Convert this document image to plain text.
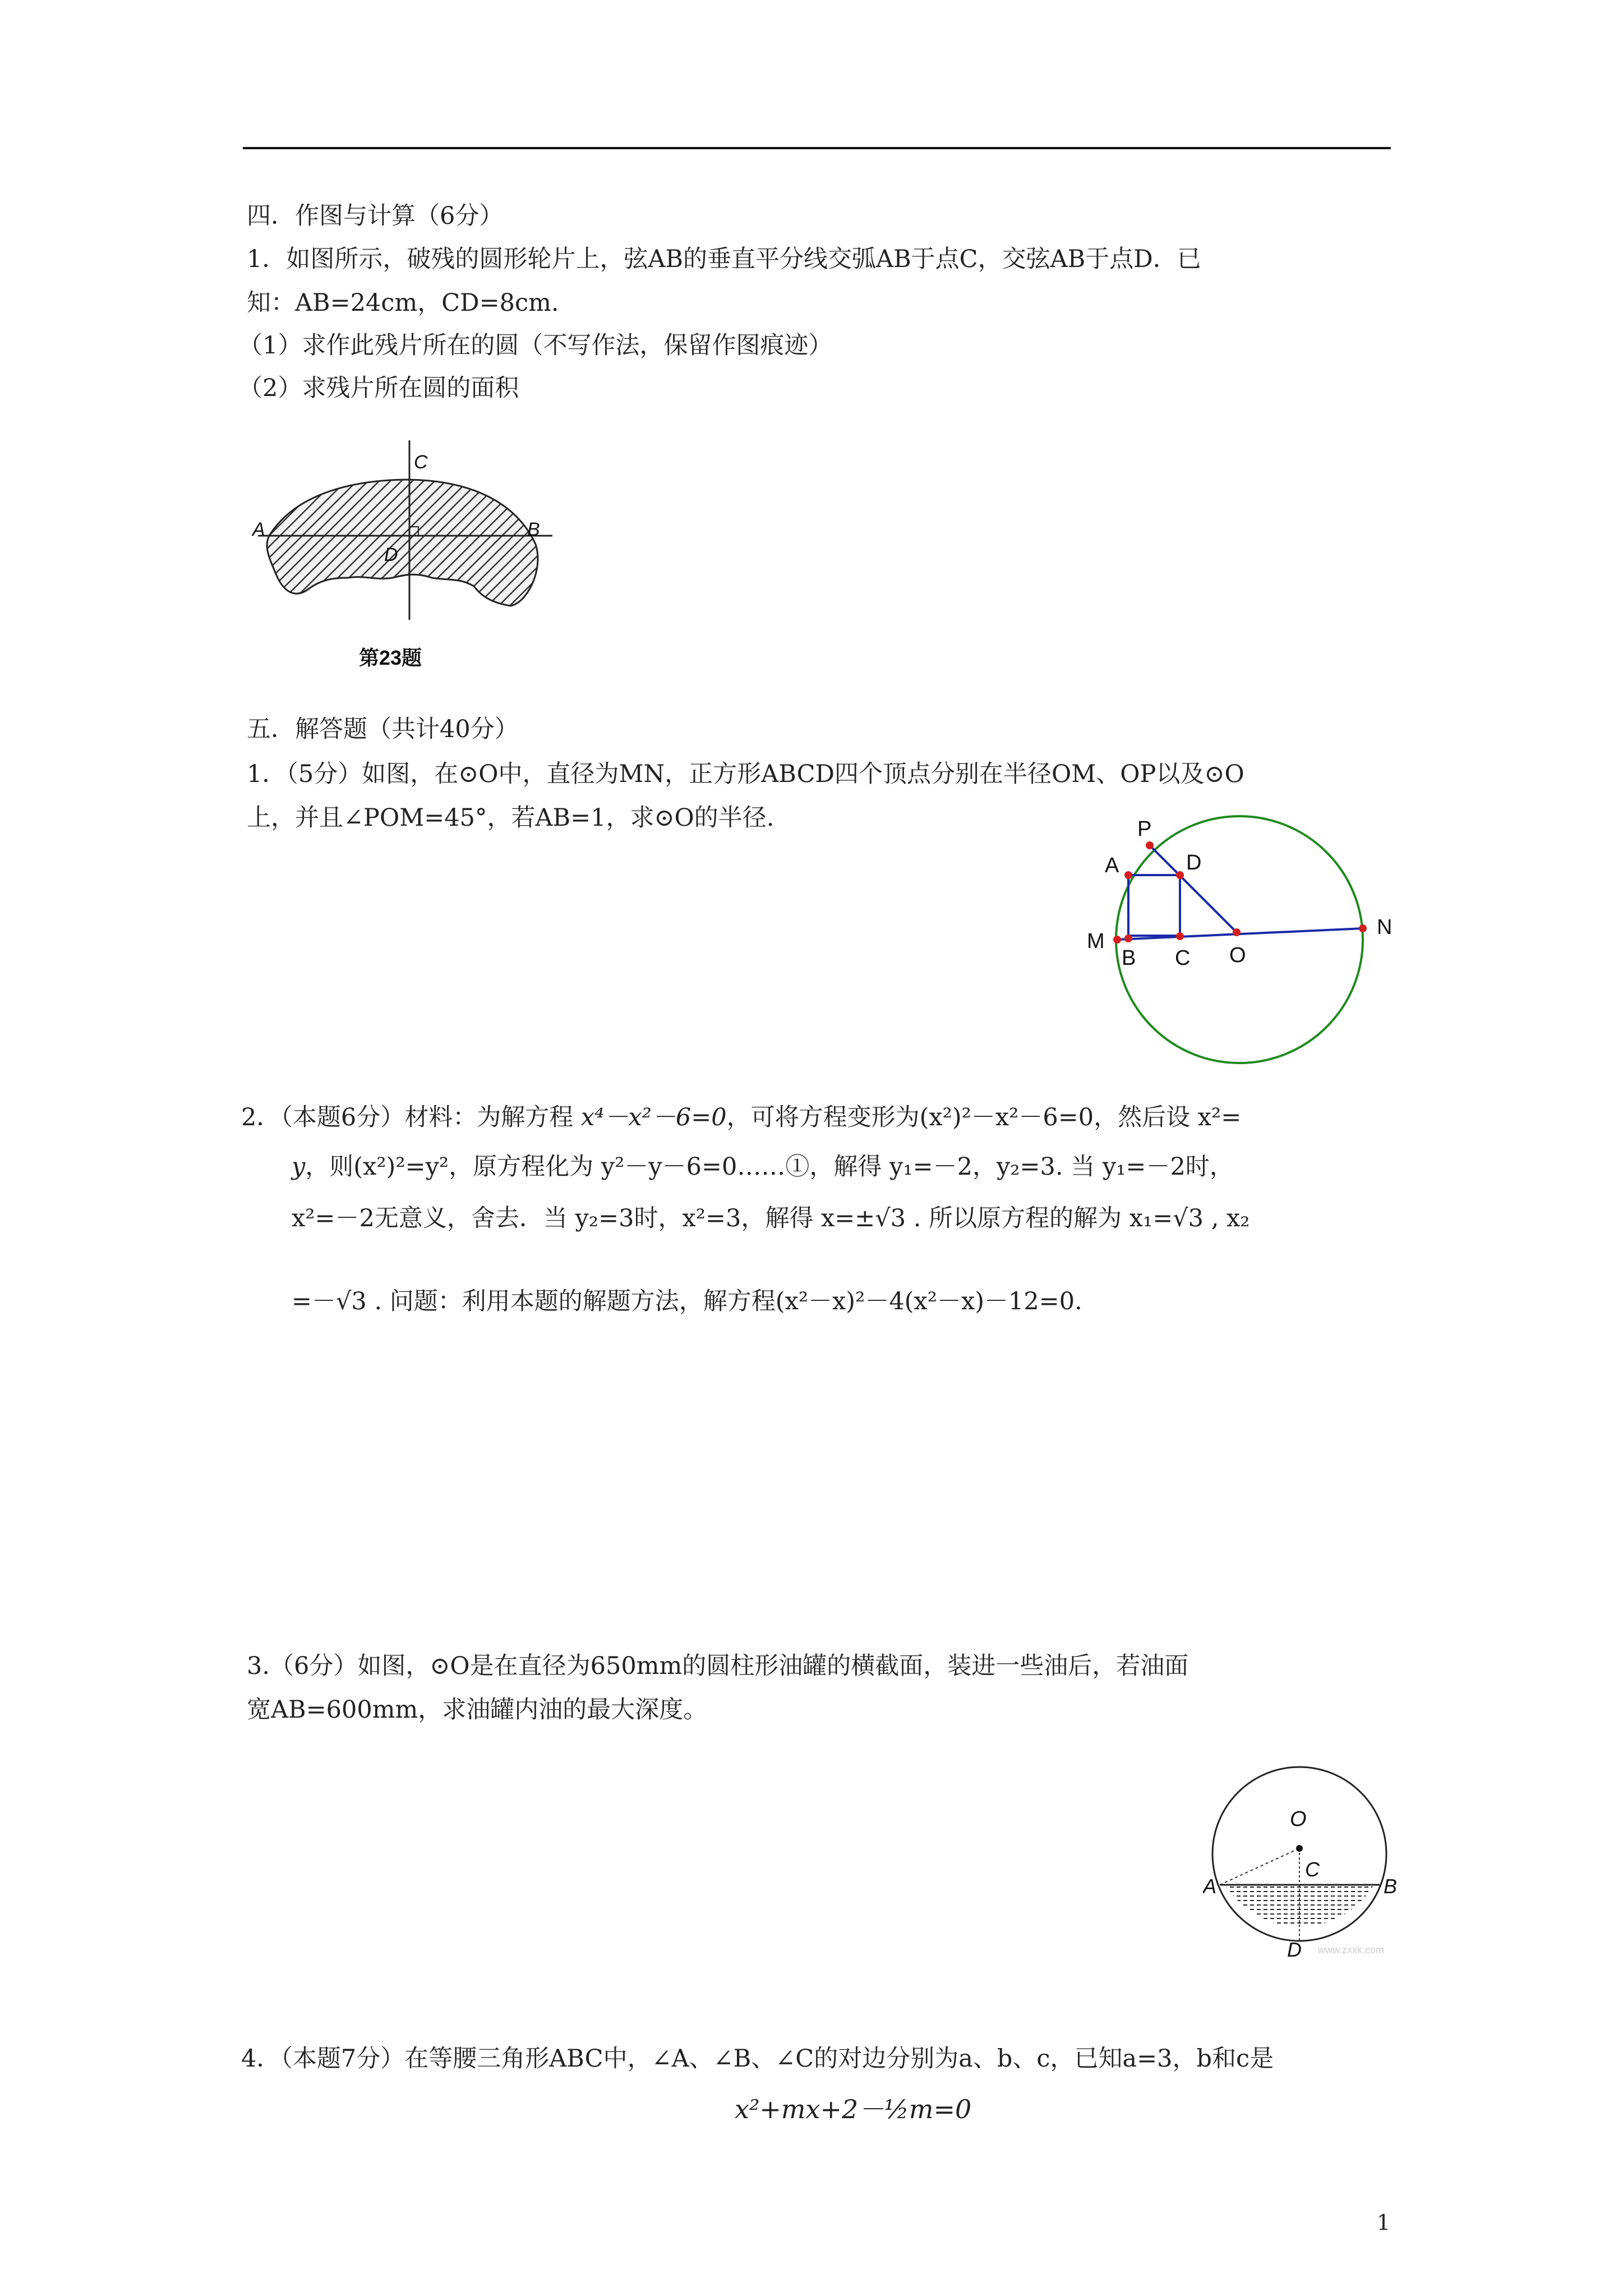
四．作图与计算（6分）
1．如图所示，破残的圆形轮片上，弦AB的垂直平分线交弧AB于点C，交弦AB于点D．已
知：AB=24cm，CD=8cm.
（1）求作此残片所在的圆（不写作法，保留作图痕迹）
（2）求残片所在圆的面积
C
A	B
D
第23题
五．解答题（共计40分）
1．（5分）如图，在⊙O中，直径为MN，正方形ABCD四个顶点分别在半径OM、OP以及⊙O
上，并且∠POM=45°，若AB=1，求⊙O的半径.	P
A	D
M
B C O
N
2．（本题6分）材料：为解方程 x⁴－x²－6=0，可将方程变形为(x²)²－x²－6=0，然后设 x²=
y，则(x²)²=y²，原方程化为 y²－y－6=0……①，解得 y₁=－2，y₂=3. 当 y₁=－2时，
x²=－2无意义，舍去．当 y₂=3时，x²=3，解得 x=±√3 . 所以原方程的解为 x₁=√3 , x₂
=－√3 . 问题：利用本题的解题方法，解方程(x²－x)²－4(x²－x)－12=0.
3.（6分）如图，⊙O是在直径为650mm的圆柱形油罐的横截面，装进一些油后，若油面
宽AB=600mm，求油罐内油的最大深度。
O
C
A	B
D www.zxxk.com
4．（本题7分）在等腰三角形ABC中，∠A、∠B、∠C的对边分别为a、b、c，已知a=3，b和c是
x²+mx+2－½m=0
1
